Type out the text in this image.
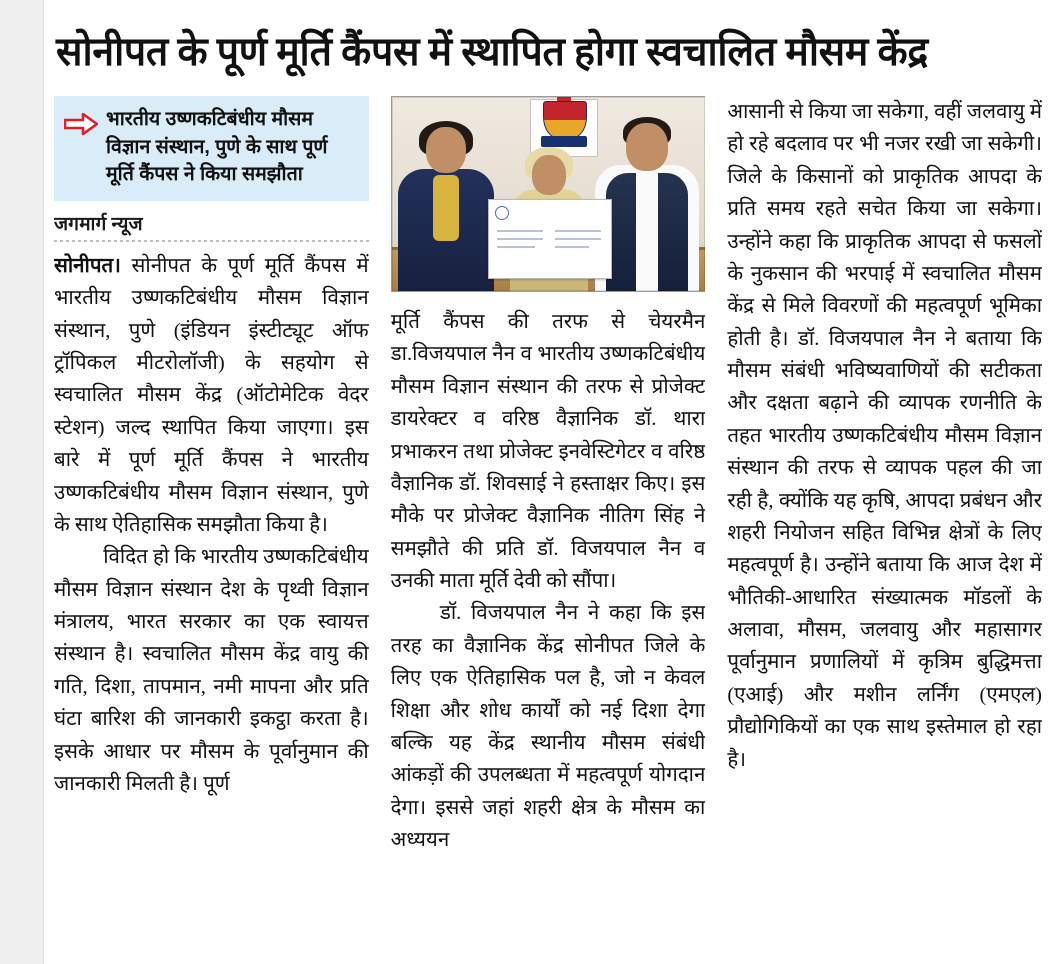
सोनीपत के पूर्ण मूर्ति कैंपस में स्थापित होगा स्वचालित मौसम केंद्र
भारतीय उष्णकटिबंधीय मौसम विज्ञान संस्थान, पुणे के साथ पूर्ण मूर्ति कैंपस ने किया समझौता
जगमार्ग न्यूज

सोनीपत। सोनीपत के पूर्ण मूर्ति कैंपस में भारतीय उष्णकटिबंधीय मौसम विज्ञान संस्थान, पुणे (इंडियन इंस्टीट्यूट ऑफ ट्रॉपिकल मीटरोलॉजी) के सहयोग से स्वचालित मौसम केंद्र (ऑटोमेटिक वेदर स्टेशन) जल्द स्थापित किया जाएगा। इस बारे में पूर्ण मूर्ति कैंपस ने भारतीय उष्णकटिबंधीय मौसम विज्ञान संस्थान, पुणे के साथ ऐतिहासिक समझौता किया है।

विदित हो कि भारतीय उष्णकटिबंधीय मौसम विज्ञान संस्थान देश के पृथ्वी विज्ञान मंत्रालय, भारत सरकार का एक स्वायत्त संस्थान है। स्वचालित मौसम केंद्र वायु की गति, दिशा, तापमान, नमी मापना और प्रति घंटा बारिश की जानकारी इकट्ठा करता है। इसके आधार पर मौसम के पूर्वानुमान की जानकारी मिलती है। पूर्ण

मूर्ति कैंपस की तरफ से चेयरमैन डा.विजयपाल नैन व भारतीय उष्णकटिबंधीय मौसम विज्ञान संस्थान की तरफ से प्रोजेक्ट डायरेक्टर व वरिष्ठ वैज्ञानिक डॉ. थारा प्रभाकरन तथा प्रोजेक्ट इनवेस्टिगेटर व वरिष्ठ वैज्ञानिक डॉ. शिवसाई ने हस्ताक्षर किए। इस मौके पर प्रोजेक्ट वैज्ञानिक नीतिग सिंह ने समझौते की प्रति डॉ. विजयपाल नैन व उनकी माता मूर्ति देवी को सौंपा।

डॉ. विजयपाल नैन ने कहा कि इस तरह का वैज्ञानिक केंद्र सोनीपत जिले के लिए एक ऐतिहासिक पल है, जो न केवल शिक्षा और शोध कार्यों को नई दिशा देगा बल्कि यह केंद्र स्थानीय मौसम संबंधी आंकड़ों की उपलब्धता में महत्वपूर्ण योगदान देगा। इससे जहां शहरी क्षेत्र के मौसम का अध्ययन

आसानी से किया जा सकेगा, वहीं जलवायु में हो रहे बदलाव पर भी नजर रखी जा सकेगी। जिले के किसानों को प्राकृतिक आपदा के प्रति समय रहते सचेत किया जा सकेगा। उन्होंने कहा कि प्राकृतिक आपदा से फसलों के नुकसान की भरपाई में स्वचालित मौसम केंद्र से मिले विवरणों की महत्वपूर्ण भूमिका होती है। डॉ. विजयपाल नैन ने बताया कि मौसम संबंधी भविष्यवाणियों की सटीकता और दक्षता बढ़ाने की व्यापक रणनीति के तहत भारतीय उष्णकटिबंधीय मौसम विज्ञान संस्थान की तरफ से व्यापक पहल की जा रही है, क्योंकि यह कृषि, आपदा प्रबंधन और शहरी नियोजन सहित विभिन्न क्षेत्रों के लिए महत्वपूर्ण है। उन्होंने बताया कि आज देश में भौतिकी-आधारित संख्यात्मक मॉडलों के अलावा, मौसम, जलवायु और महासागर पूर्वानुमान प्रणालियों में कृत्रिम बुद्धिमत्ता (एआई) और मशीन लर्निंग (एमएल) प्रौद्योगिकियों का एक साथ इस्तेमाल हो रहा है।
